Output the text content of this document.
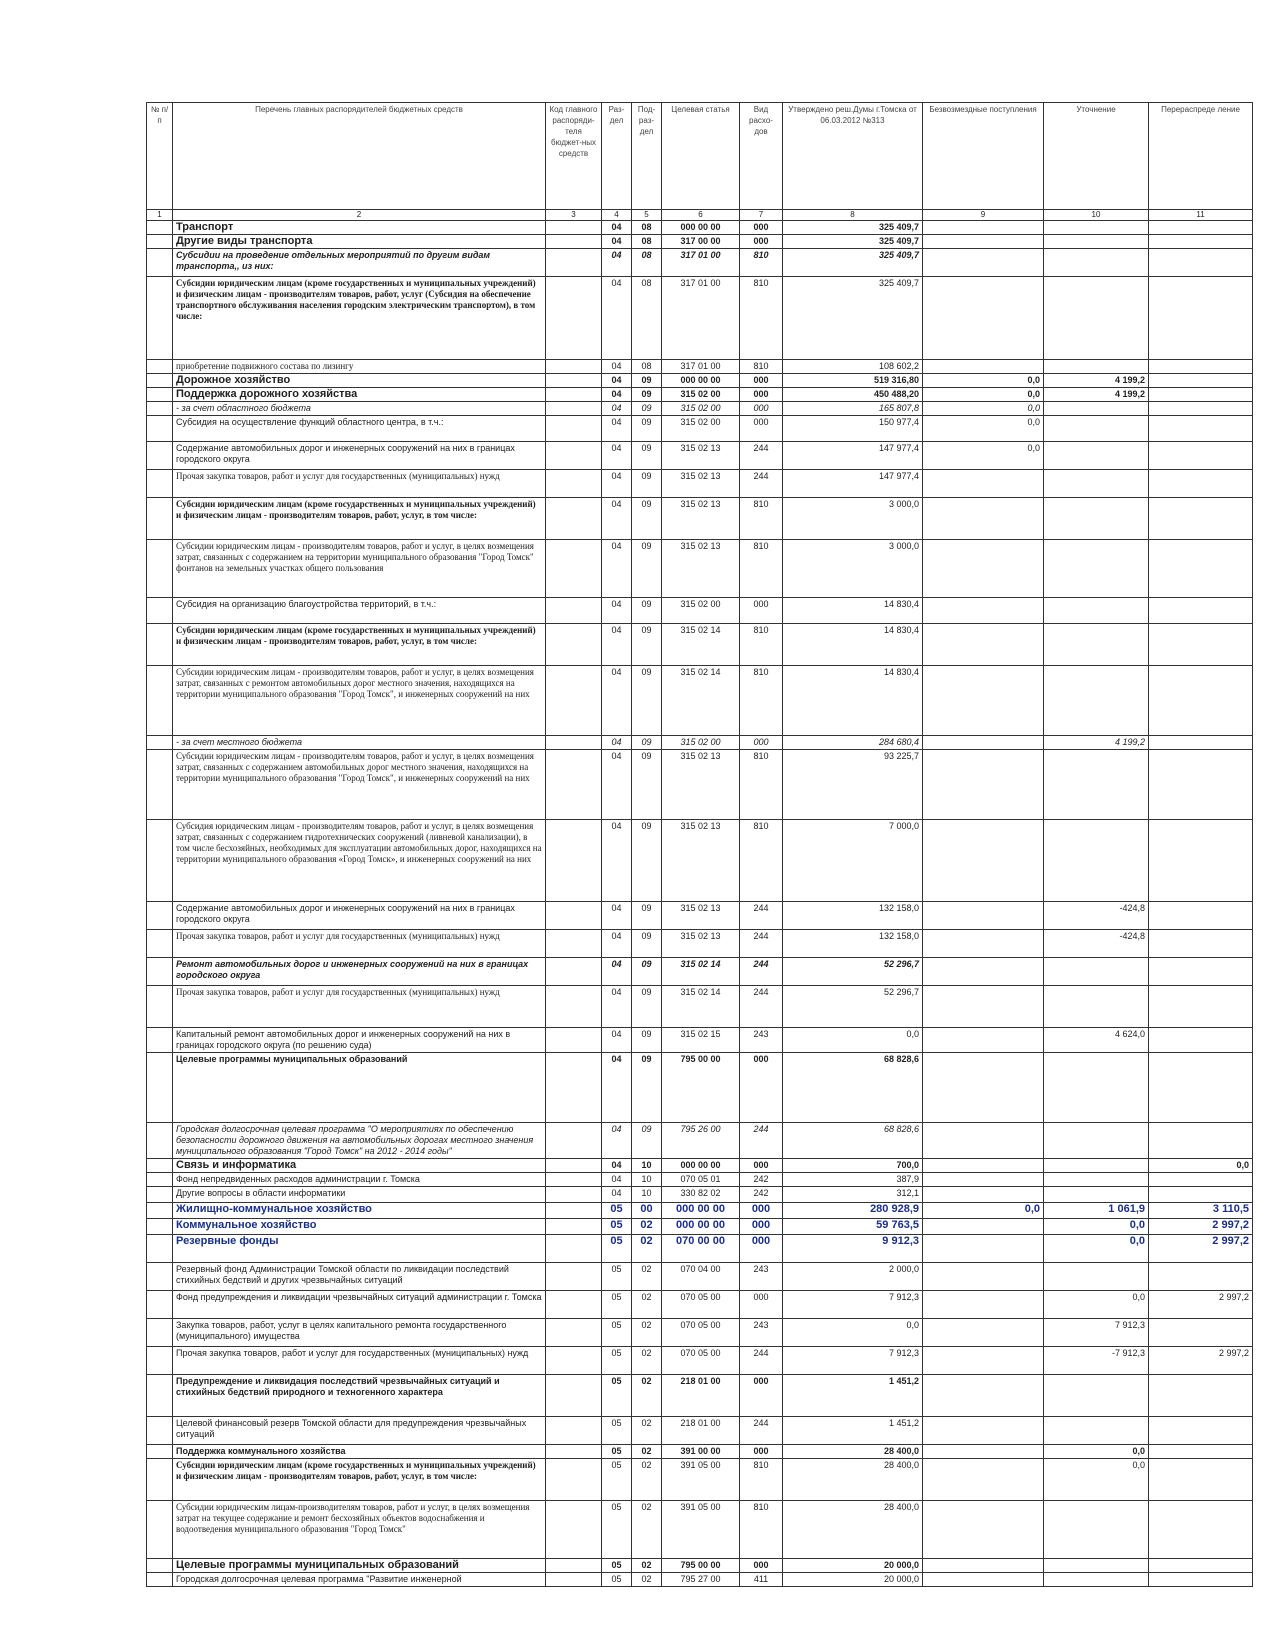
№ п/п	Перечень главных распорядителей бюджетных средств	Код главного распоряди-теля бюджет-ных средств	Раз-дел	Под-раз-дел	Целевая статья	Вид расхо-дов	Утверждено реш.Думы г.Томска от 06.03.2012 №313	Безвозмездные поступления	Уточнение	Перераспреде ление
1	2	3	4	5	6	7	8	9	10	11
	Транспорт		04	08	000 00 00	000	325 409,7			
	Другие виды транспорта		04	08	317 00 00	000	325 409,7			
	Субсидии на проведение отдельных мероприятий по другим видам транспорта,, из них:		04	08	317 01 00	810	325 409,7			
	Субсидии юридическим лицам (кроме государственных и муниципальных учреждений) и физическим лицам - производителям товаров, работ, услуг (Субсидия на обеспечение транспортного обслуживания населения городским электрическим транспортом), в том числе:		04	08	317 01 00	810	325 409,7			
	приобретение подвижного состава по лизингу		04	08	317 01 00	810	108 602,2			
	Дорожное хозяйство		04	09	000 00 00	000	519 316,80	0,0	4 199,2	
	Поддержка дорожного хозяйства		04	09	315 02 00	000	450 488,20	0,0	4 199,2	
	- за счет областного бюджета		04	09	315 02 00	000	165 807,8	0,0		
	Субсидия на осуществление функций областного центра, в т.ч.:		04	09	315 02 00	000	150 977,4	0,0		
	Содержание автомобильных дорог и инженерных сооружений на них в границах городского округа		04	09	315 02 13	244	147 977,4	0,0		
	Прочая закупка товаров, работ и услуг для государственных (муниципальных) нужд		04	09	315 02 13	244	147 977,4			
	Субсидии юридическим лицам (кроме государственных и муниципальных учреждений) и физическим лицам - производителям товаров, работ, услуг, в том числе:		04	09	315 02 13	810	3 000,0			
	Субсидии юридическим лицам - производителям товаров, работ и услуг, в целях возмещения затрат, связанных с содержанием на территории муниципального образования "Город Томск" фонтанов на земельных участках общего пользования		04	09	315 02 13	810	3 000,0			
	Субсидия на организацию благоустройства территорий, в т.ч.:		04	09	315 02 00	000	14 830,4			
	Субсидии юридическим лицам (кроме государственных и муниципальных учреждений) и физическим лицам - производителям товаров, работ, услуг, в том числе:		04	09	315 02 14	810	14 830,4			
	Субсидии юридическим лицам - производителям товаров, работ и услуг, в целях возмещения затрат, связанных с ремонтом автомобильных дорог местного значения, находящихся на территории муниципального образования "Город Томск", и инженерных сооружений на них		04	09	315 02 14	810	14 830,4			
	- за счет местного бюджета		04	09	315 02 00	000	284 680,4		4 199,2	
	Субсидии юридическим лицам - производителям товаров, работ и услуг, в целях возмещения затрат, связанных с содержанием автомобильных дорог местного значения, находящихся на территории муниципального образования "Город Томск", и инженерных сооружений на них		04	09	315 02 13	810	93 225,7			
	Субсидия юридическим лицам - производителям товаров, работ и услуг, в целях возмещения затрат, связанных с содержанием гидротехнических сооружений (ливневой канализации), в том числе бесхозяйных, необходимых для эксплуатации автомобильных дорог, находящихся на территории муниципального образования «Город Томск», и инженерных сооружений на них		04	09	315 02 13	810	7 000,0			
	Содержание автомобильных дорог и инженерных сооружений на них в границах городского округа		04	09	315 02 13	244	132 158,0		-424,8	
	Прочая закупка товаров, работ и услуг для государственных (муниципальных) нужд		04	09	315 02 13	244	132 158,0		-424,8	
	Ремонт автомобильных дорог и инженерных сооружений на них в границах городского округа		04	09	315 02 14	244	52 296,7			
	Прочая закупка товаров, работ и услуг для государственных (муниципальных) нужд		04	09	315 02 14	244	52 296,7			
	Капитальный ремонт автомобильных дорог и инженерных сооружений на них в границах городского округа (по решению суда)		04	09	315 02 15	243	0,0		4 624,0	
	Целевые программы муниципальных образований		04	09	795 00 00	000	68 828,6			
	Городская долгосрочная целевая программа "О мероприятиях по обеспечению безопасности дорожного движения на автомобильных дорогах местного значения муниципального образования "Город Томск" на 2012 - 2014 годы"		04	09	795 26 00	244	68 828,6			
	Связь и информатика		04	10	000 00 00	000	700,0			0,0
	Фонд непредвиденных расходов администрации г. Томска		04	10	070 05 01	242	387,9			
	Другие вопросы в области информатики		04	10	330 82 02	242	312,1			
	Жилищно-коммунальное хозяйство		05	00	000 00 00	000	280 928,9	0,0	1 061,9	3 110,5
	Коммунальное хозяйство		05	02	000 00 00	000	59 763,5		0,0	2 997,2
	Резервные фонды		05	02	070 00 00	000	9 912,3		0,0	2 997,2
	Резервный фонд Администрации Томской области по ликвидации последствий стихийных бедствий и других чрезвычайных ситуаций		05	02	070 04 00	243	2 000,0			
	Фонд предупреждения и ликвидации чрезвычайных ситуаций администрации г. Томска		05	02	070 05 00	000	7 912,3		0,0	2 997,2
	Закупка товаров, работ, услуг в целях капитального ремонта государственного (муниципального) имущества		05	02	070 05 00	243	0,0		7 912,3	
	Прочая закупка товаров, работ и услуг для государственных (муниципальных) нужд		05	02	070 05 00	244	7 912,3		-7 912,3	2 997,2
	Предупреждение и ликвидация последствий чрезвычайных ситуаций и стихийных бедствий природного и техногенного характера		05	02	218 01 00	000	1 451,2			
	Целевой финансовый резерв Томской области для предупреждения чрезвычайных ситуаций		05	02	218 01 00	244	1 451,2			
	Поддержка коммунального хозяйства		05	02	391 00 00	000	28 400,0		0,0	
	Субсидии юридическим лицам (кроме государственных и муниципальных учреждений) и физическим лицам - производителям товаров, работ, услуг, в том числе:		05	02	391 05 00	810	28 400,0		0,0	
	Субсидии юридическим лицам-производителям товаров, работ и услуг, в целях возмещения затрат на текущее содержание и ремонт бесхозяйных объектов водоснабжения и водоотведения муниципального образования "Город Томск"		05	02	391 05 00	810	28 400,0			
	Целевые программы муниципальных образований		05	02	795 00 00	000	20 000,0			
	Городская долгосрочная целевая программа "Развитие инженерной		05	02	795 27 00	411	20 000,0			
